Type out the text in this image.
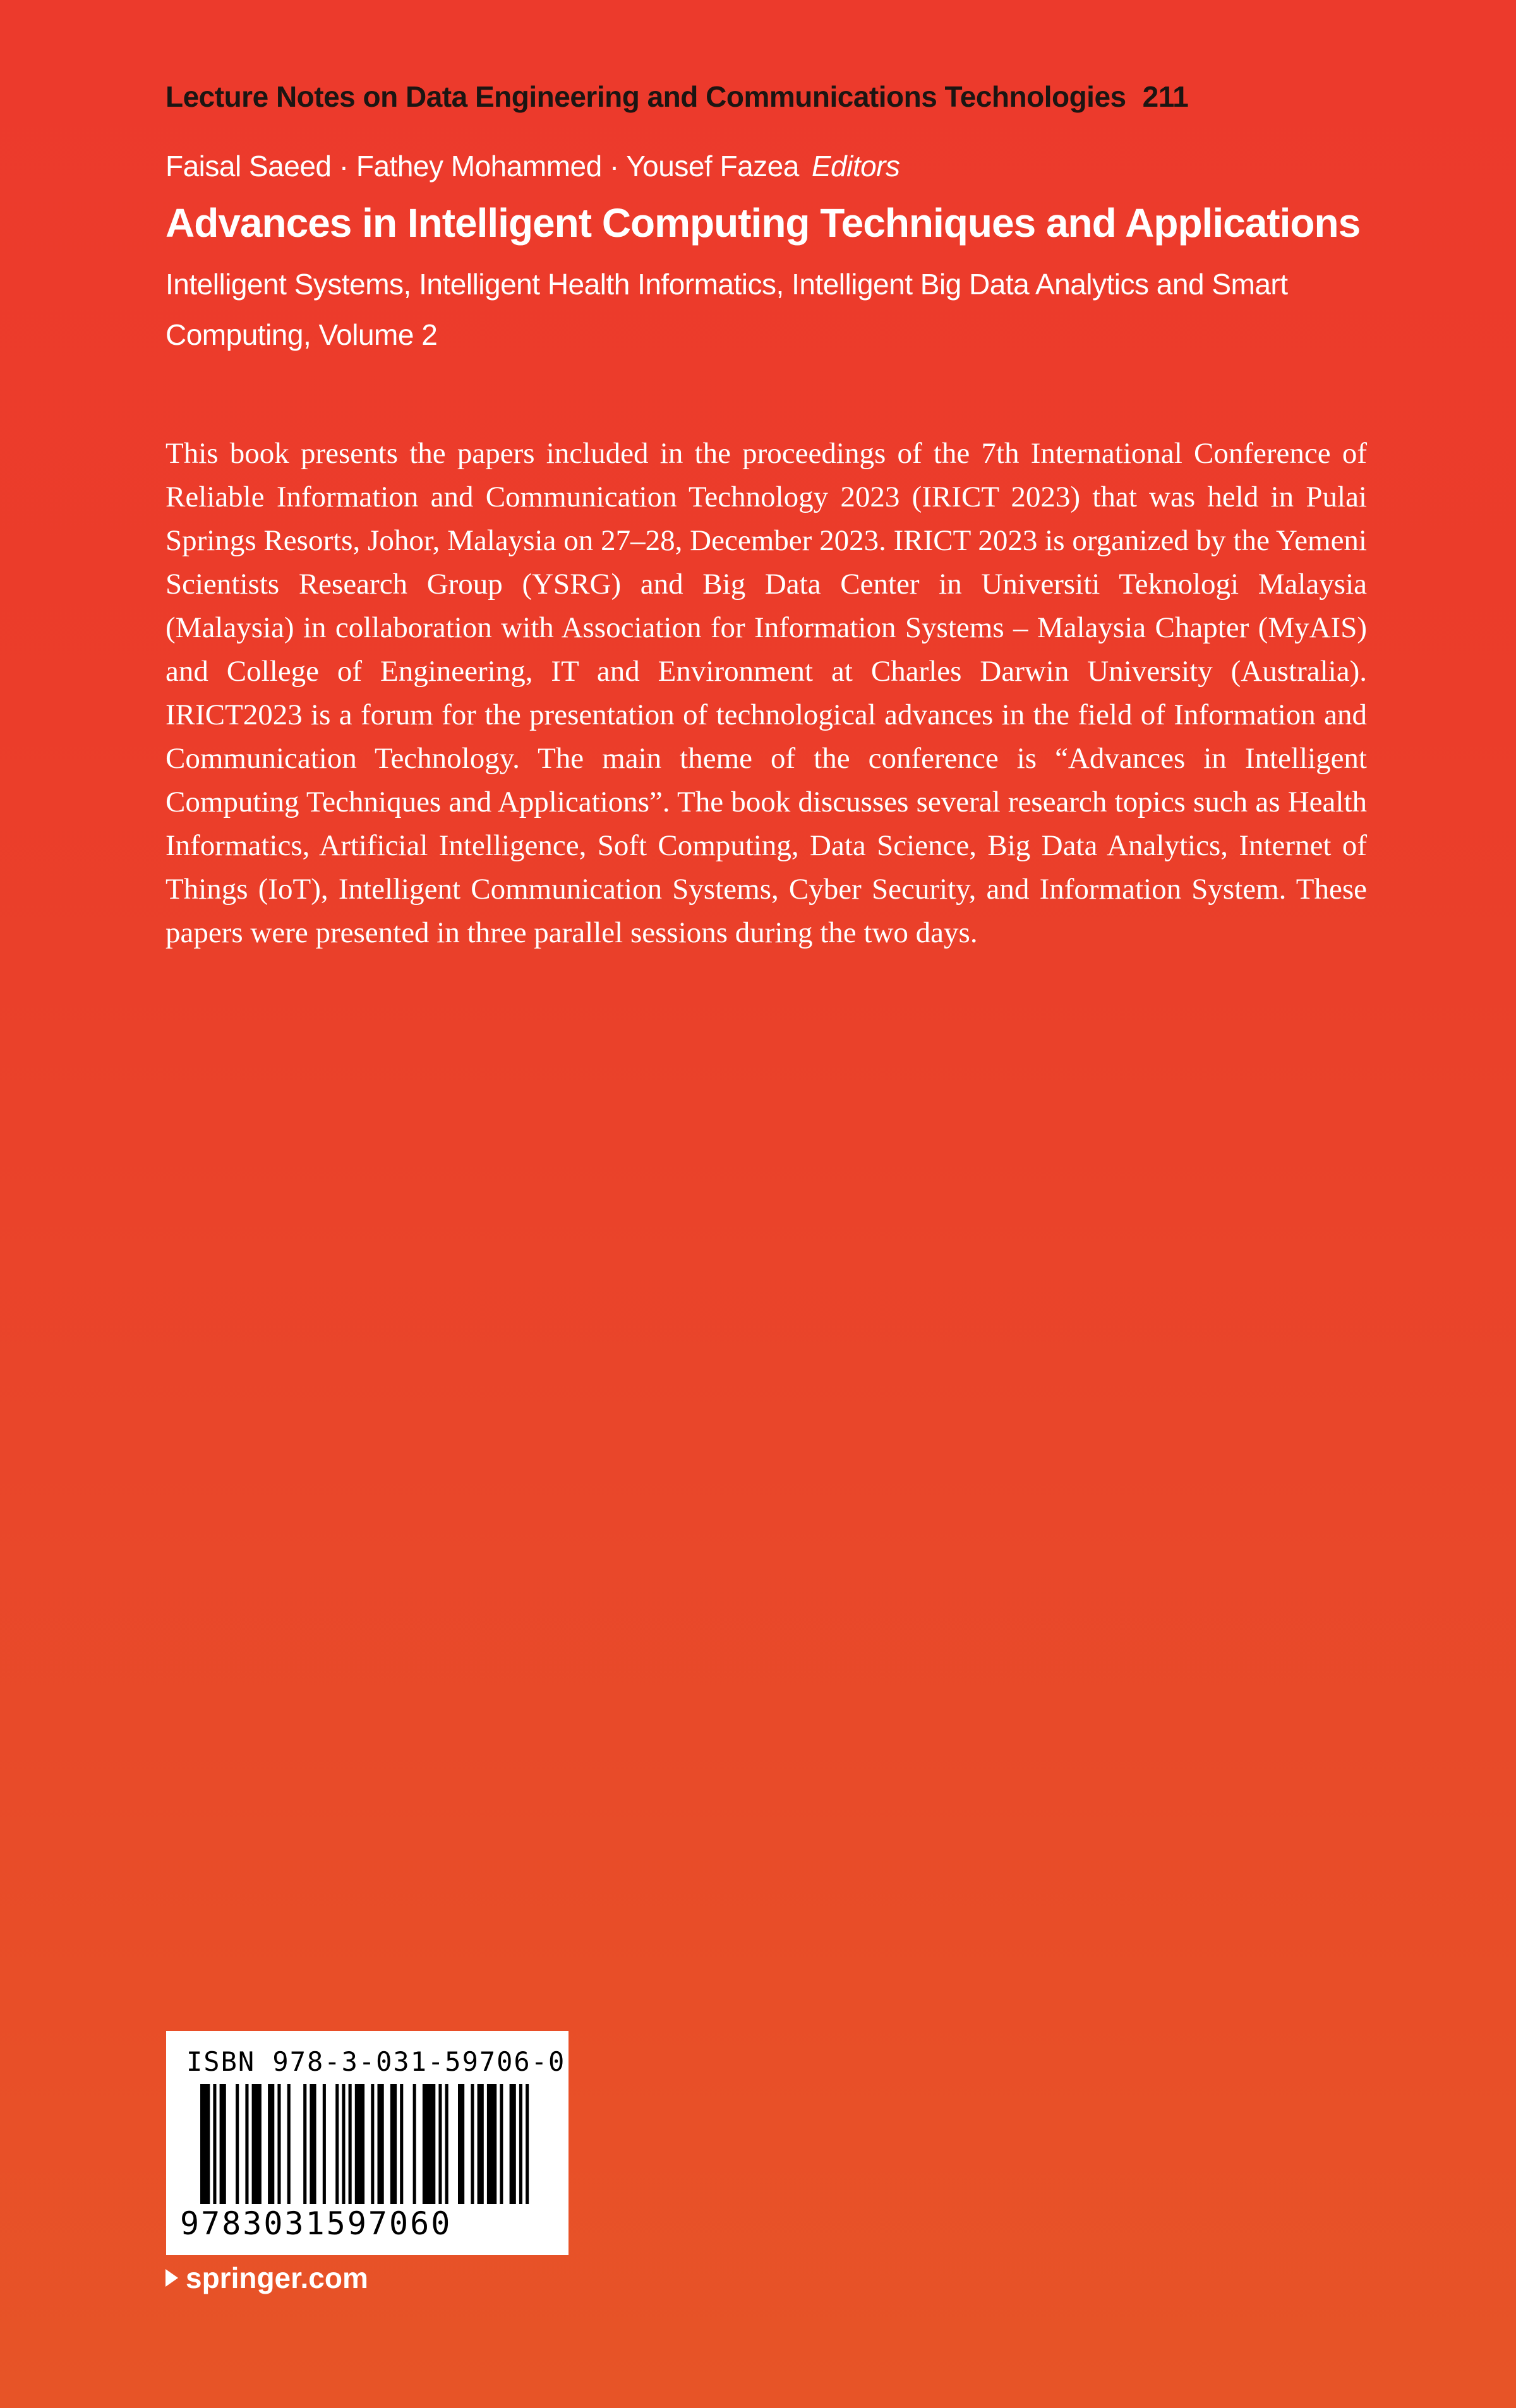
Lecture Notes on Data Engineering and Communications Technologies 211
Faisal Saeed · Fathey Mohammed · Yousef Fazea Editors
Advances in Intelligent Computing Techniques and Applications
Intelligent Systems, Intelligent Health Informatics, Intelligent Big Data Analytics and Smart Computing, Volume 2

This book presents the papers included in the proceedings of the 7th International Conference of Reliable Information and Communication Technology 2023 (IRICT 2023) that was held in Pulai Springs Resorts, Johor, Malaysia on 27–28, December 2023. IRICT 2023 is organized by the Yemeni Scientists Research Group (YSRG) and Big Data Center in Universiti Teknologi Malaysia (Malaysia) in collaboration with Association for Information Systems – Malaysia Chapter (MyAIS) and College of Engineering, IT and Environment at Charles Darwin University (Australia). IRICT2023 is a forum for the presentation of technological advances in the field of Information and Communication Technology. The main theme of the conference is “Advances in Intelligent Computing Techniques and Applications”. The book discusses several research topics such as Health Informatics, Artificial Intelligence, Soft Computing, Data Science, Big Data Analytics, Internet of Things (IoT), Intelligent Communication Systems, Cyber Security, and Information System. These papers were presented in three parallel sessions during the two days.

ISBN 978-3-031-59706-0
9783031597060
springer.com
